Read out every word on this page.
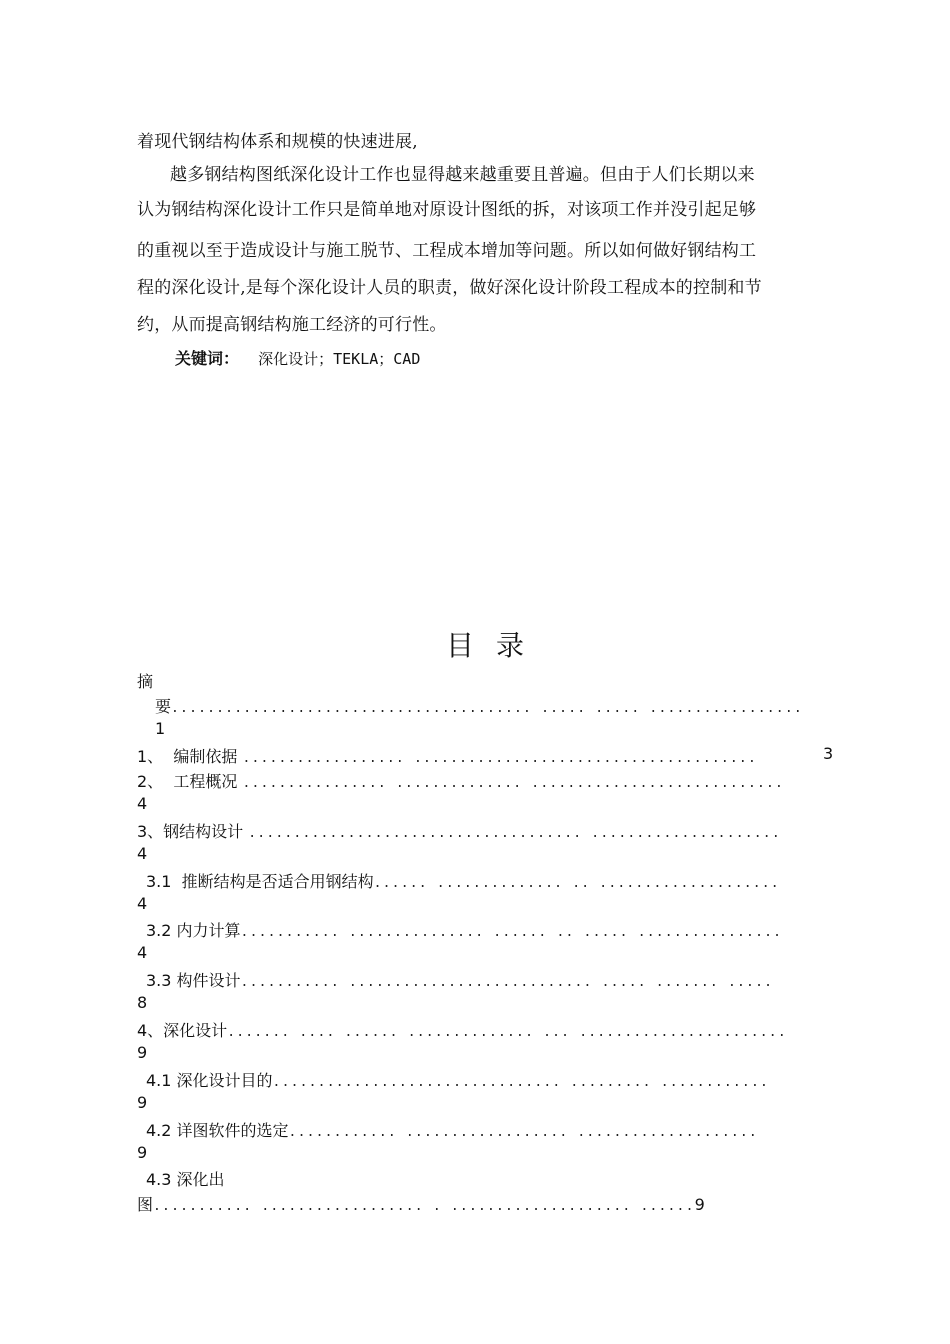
着现代钢结构体系和规模的快速进展,
越多钢结构图纸深化设计工作也显得越来越重要且普遍。但由于人们长期以来
认为钢结构深化设计工作只是简单地对原设计图纸的拆，对该项工作并没引起足够
的重视以至于造成设计与施工脱节、工程成本增加等问题。所以如何做好钢结构工
程的深化设计,是每个深化设计人员的职责，做好深化设计阶段工程成本的控制和节
约，从而提高钢结构施工经济的可行性。
关键词： 深化设计；TEKLA；CAD
目录
摘
要........................................ ..... ..... .................
1
1、  编制依据 .................. ......................................	3
2、  工程概况 ................ .............. ............................
4
3、钢结构设计 ..................................... .....................
4
3.1  推断结构是否适合用钢结构...... .............. .. ....................
4
3.2 内力计算........... ............... ...... .. ..... ................
4
3.3 构件设计........... ........................... ..... ....... .....
8
4、深化设计....... .... ...... .............. ... .......................
9
4.1 深化设计目的................................ ......... ............
9
4.2 详图软件的选定............ .................. ....................
9
4.3 深化出
图........... .................. . .................... ......9
